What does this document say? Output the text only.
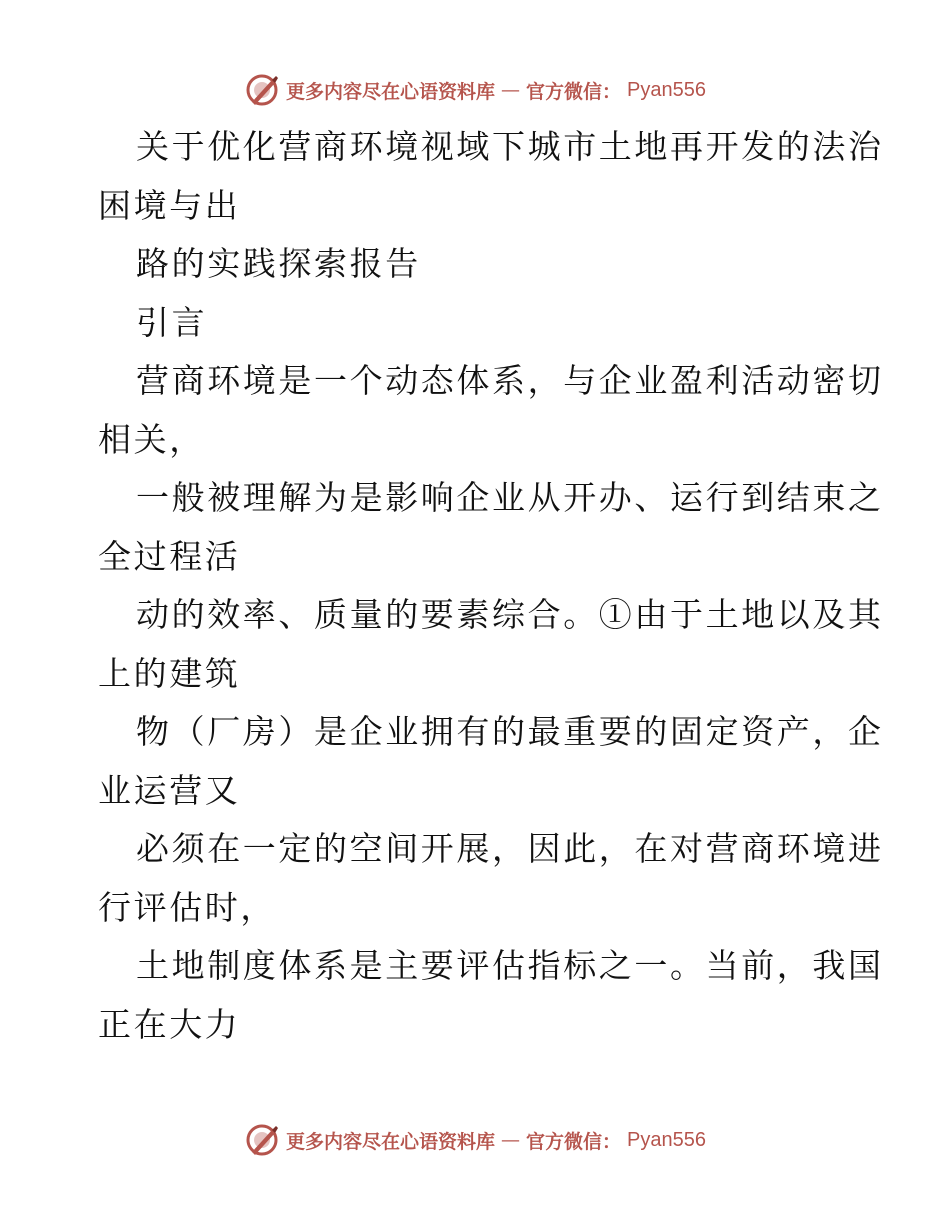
更多内容尽在心语资料库 — 官方微信： Pyan556
关于优化营商环境视域下城市土地再开发的法治
困境与出
路的实践探索报告
引言
营商环境是一个动态体系，与企业盈利活动密切
相关，
一般被理解为是影响企业从开办、运行到结束之
全过程活
动的效率、质量的要素综合。①由于土地以及其
上的建筑
物（厂房）是企业拥有的最重要的固定资产，企
业运营又
必须在一定的空间开展，因此，在对营商环境进
行评估时，
土地制度体系是主要评估指标之一。当前，我国
正在大力
更多内容尽在心语资料库 — 官方微信： Pyan556
